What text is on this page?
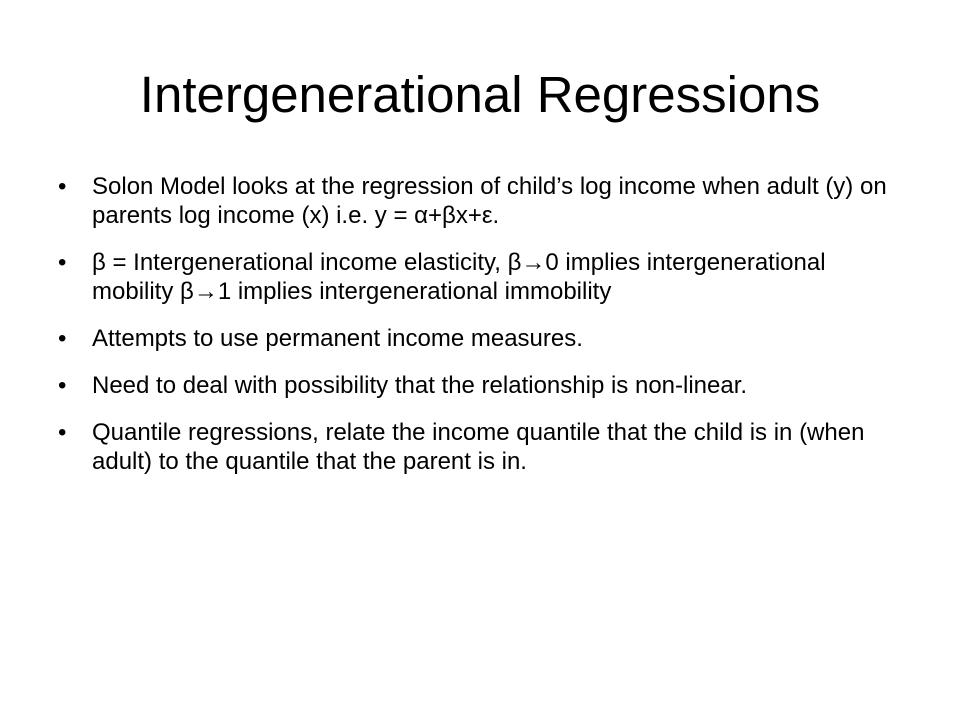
Intergenerational Regressions
• Solon Model looks at the regression of child’s log income when adult (y) on parents log income (x) i.e. y = α+βx+ε.
• β = Intergenerational income elasticity, β→0 implies intergenerational mobility β→1 implies intergenerational immobility
• Attempts to use permanent income measures.
• Need to deal with possibility that the relationship is non-linear.
• Quantile regressions, relate the income quantile that the child is in (when adult) to the quantile that the parent is in.
